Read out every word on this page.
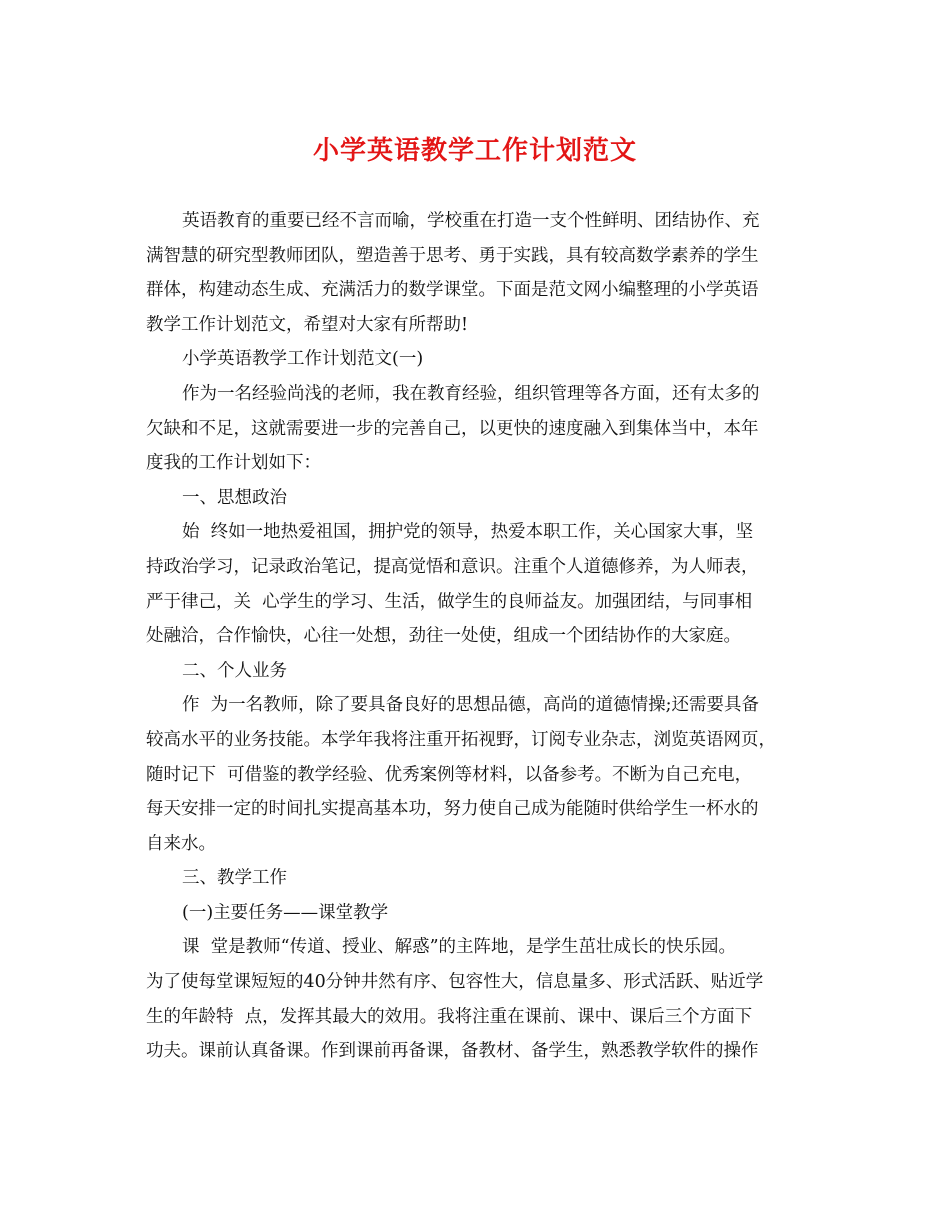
小学英语教学工作计划范文
英语教育的重要已经不言而喻，学校重在打造一支个性鲜明、团结协作、充
满智慧的研究型教师团队，塑造善于思考、勇于实践，具有较高数学素养的学生
群体，构建动态生成、充满活力的数学课堂。下面是范文网小编整理的小学英语
教学工作计划范文，希望对大家有所帮助!
小学英语教学工作计划范文(一)
作为一名经验尚浅的老师，我在教育经验，组织管理等各方面，还有太多的
欠缺和不足，这就需要进一步的完善自己，以更快的速度融入到集体当中，本年
度我的工作计划如下：
一、思想政治
始  终如一地热爱祖国，拥护党的领导，热爱本职工作，关心国家大事，坚
持政治学习，记录政治笔记，提高觉悟和意识。注重个人道德修养，为人师表，
严于律己，关  心学生的学习、生活，做学生的良师益友。加强团结，与同事相
处融洽，合作愉快，心往一处想，劲往一处使，组成一个团结协作的大家庭。
二、个人业务
作  为一名教师，除了要具备良好的思想品德，高尚的道德情操;还需要具备
较高水平的业务技能。本学年我将注重开拓视野，订阅专业杂志，浏览英语网页，
随时记下  可借鉴的教学经验、优秀案例等材料，以备参考。不断为自己充电，
每天安排一定的时间扎实提高基本功，努力使自己成为能随时供给学生一杯水的
自来水。
三、教学工作
(一)主要任务——课堂教学
课  堂是教师“传道、授业、解惑”的主阵地，是学生茁壮成长的快乐园。
为了使每堂课短短的40分钟井然有序、包容性大，信息量多、形式活跃、贴近学
生的年龄特  点，发挥其最大的效用。我将注重在课前、课中、课后三个方面下
功夫。课前认真备课。作到课前再备课，备教材、备学生，熟悉教学软件的操作
